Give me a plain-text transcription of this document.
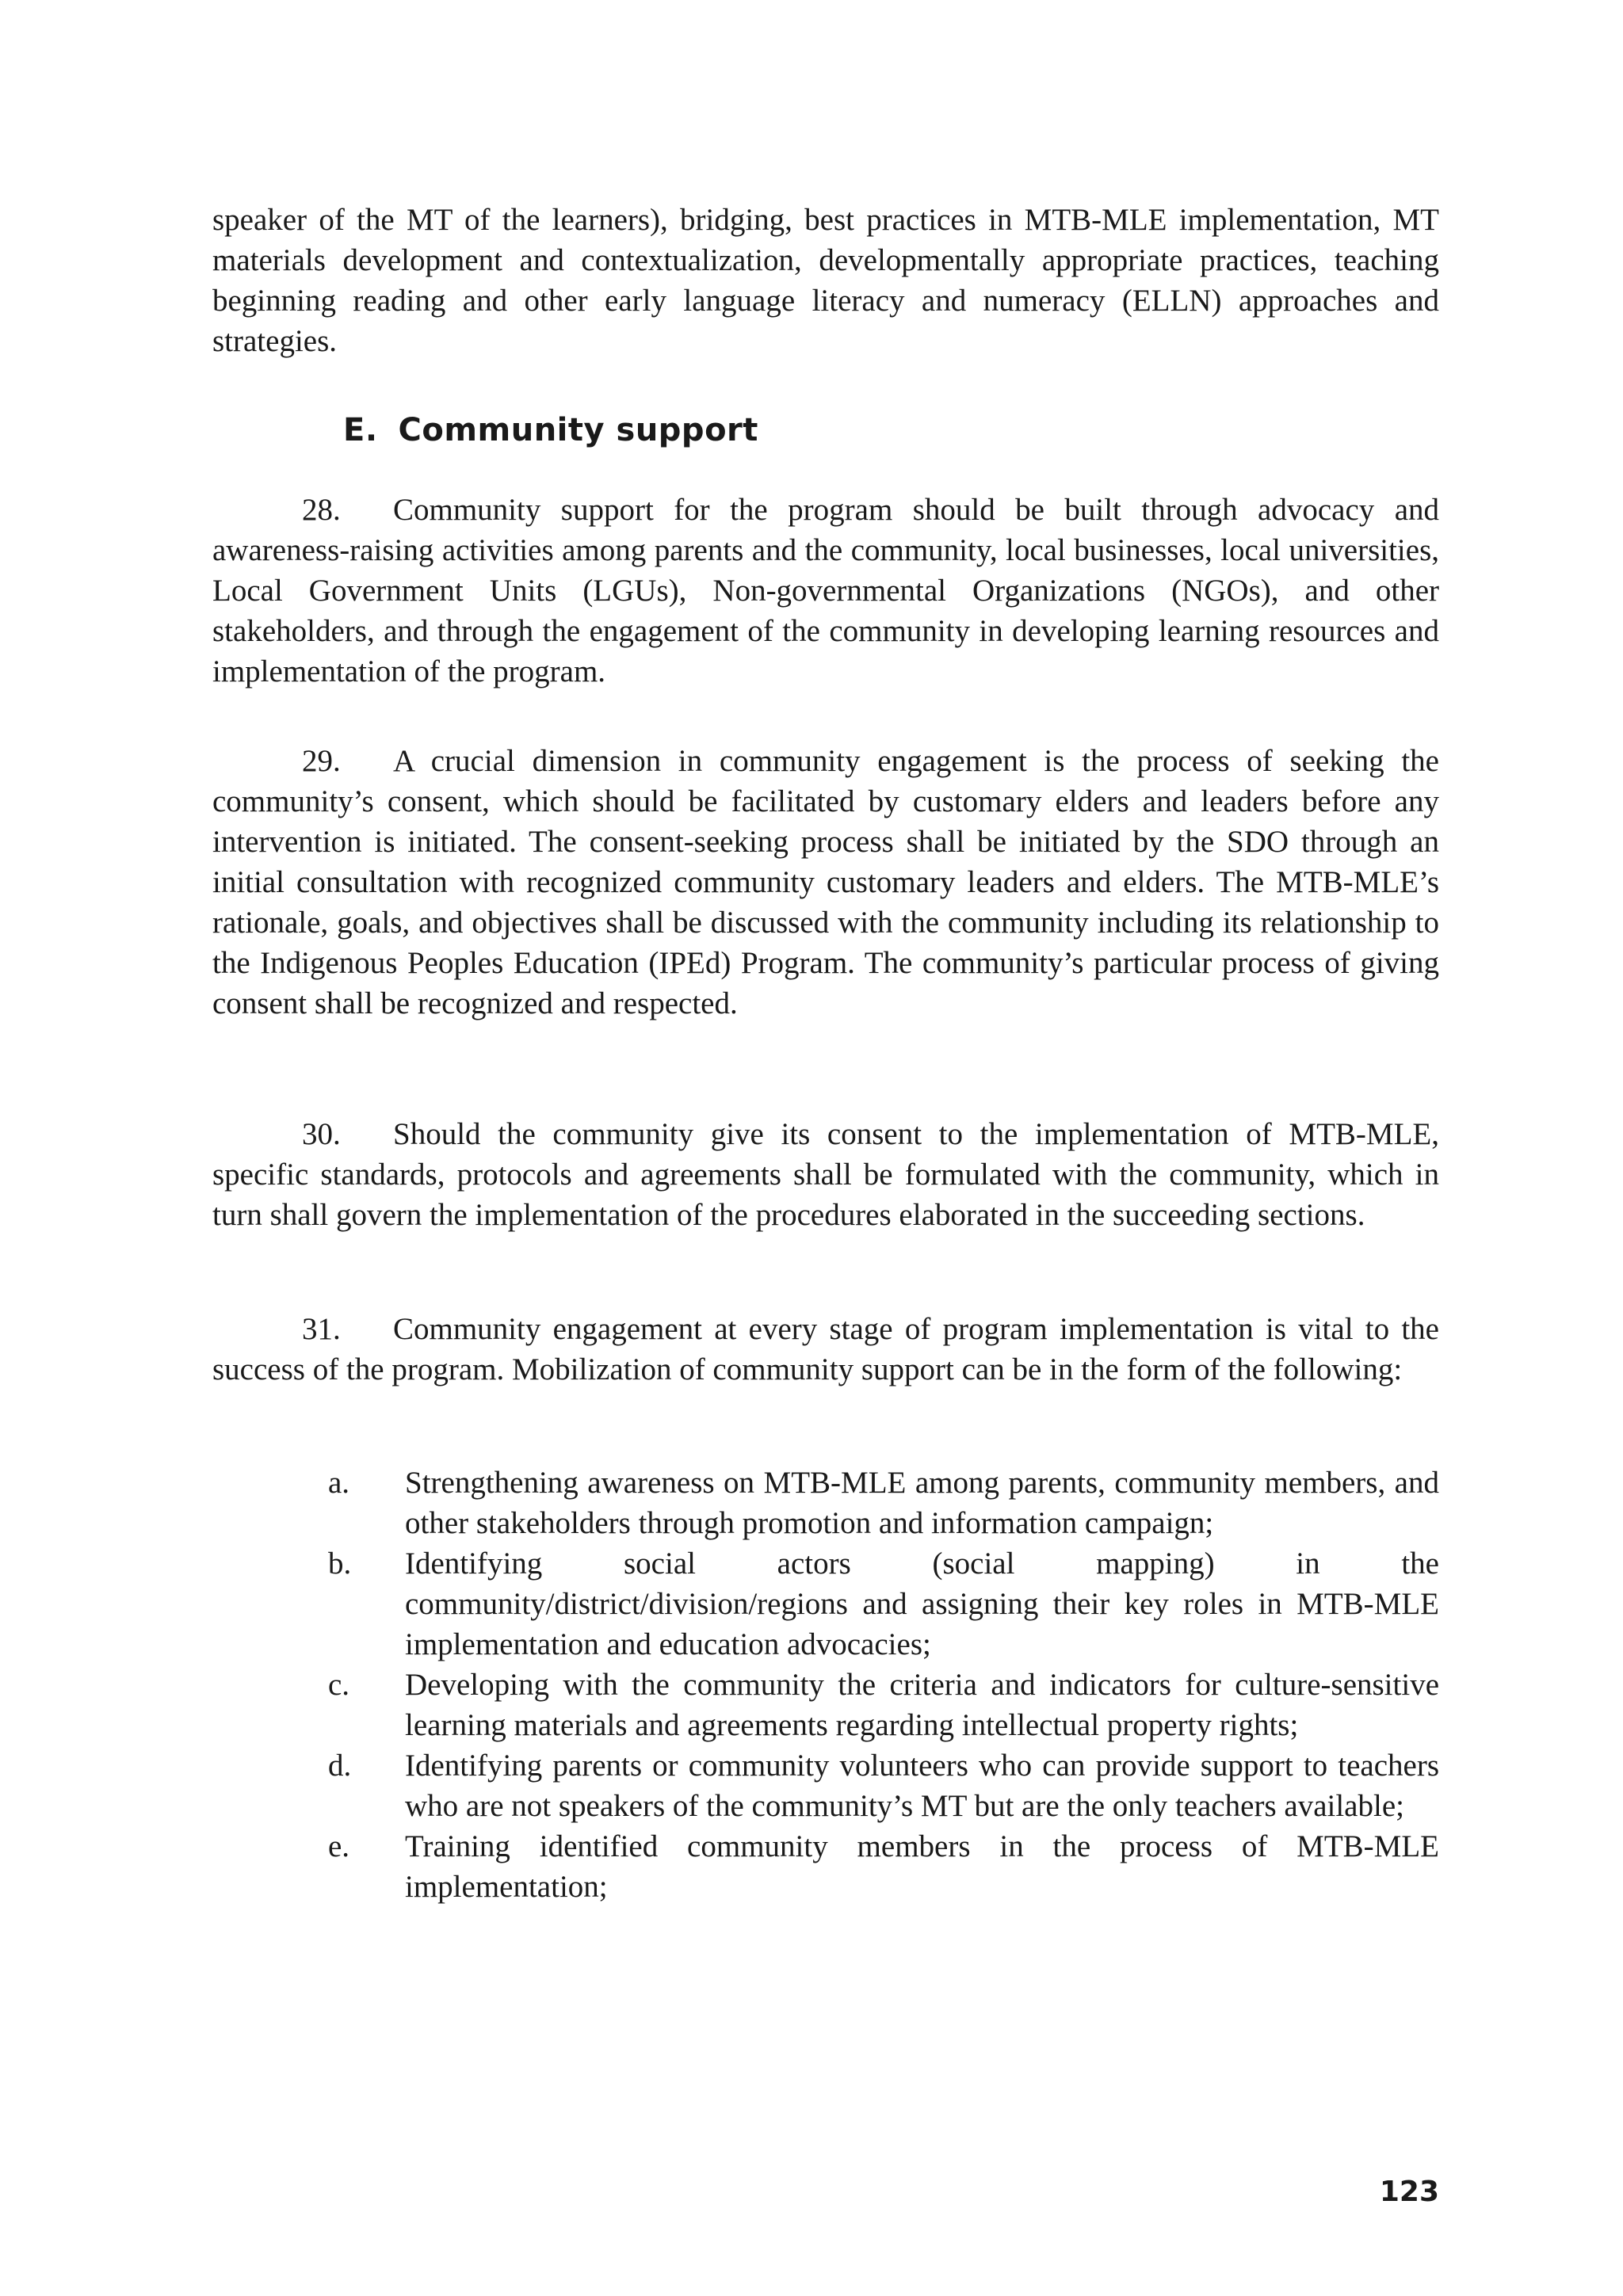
speaker of the MT of the learners), bridging, best practices in MTB-MLE implementation, MT materials development and contextualization, developmentally appropriate practices, teaching beginning reading and other early language literacy and numeracy (ELLN) approaches and strategies.

E. Community support

28. Community support for the program should be built through advocacy and awareness-raising activities among parents and the community, local businesses, local universities, Local Government Units (LGUs), Non-governmental Organizations (NGOs), and other stakeholders, and through the engagement of the community in developing learning resources and implementation of the program.

29. A crucial dimension in community engagement is the process of seeking the community’s consent, which should be facilitated by customary elders and leaders before any intervention is initiated. The consent-seeking process shall be initiated by the SDO through an initial consultation with recognized community customary leaders and elders. The MTB-MLE’s rationale, goals, and objectives shall be discussed with the community including its relationship to the Indigenous Peoples Education (IPEd) Program. The community’s particular process of giving consent shall be recognized and respected.

30. Should the community give its consent to the implementation of MTB-MLE, specific standards, protocols and agreements shall be formulated with the community, which in turn shall govern the implementation of the procedures elaborated in the succeeding sections.

31. Community engagement at every stage of program implementation is vital to the success of the program. Mobilization of community support can be in the form of the following:

a.	Strengthening awareness on MTB-MLE among parents, community members, and other stakeholders through promotion and information campaign;
b.	Identifying social actors (social mapping) in the community/district/division/regions and assigning their key roles in MTB-MLE implementation and education advocacies;
c.	Developing with the community the criteria and indicators for culture-sensitive learning materials and agreements regarding intellectual property rights;
d.	Identifying parents or community volunteers who can provide support to teachers who are not speakers of the community’s MT but are the only teachers available;
e.	Training identified community members in the process of MTB-MLE implementation;
123
